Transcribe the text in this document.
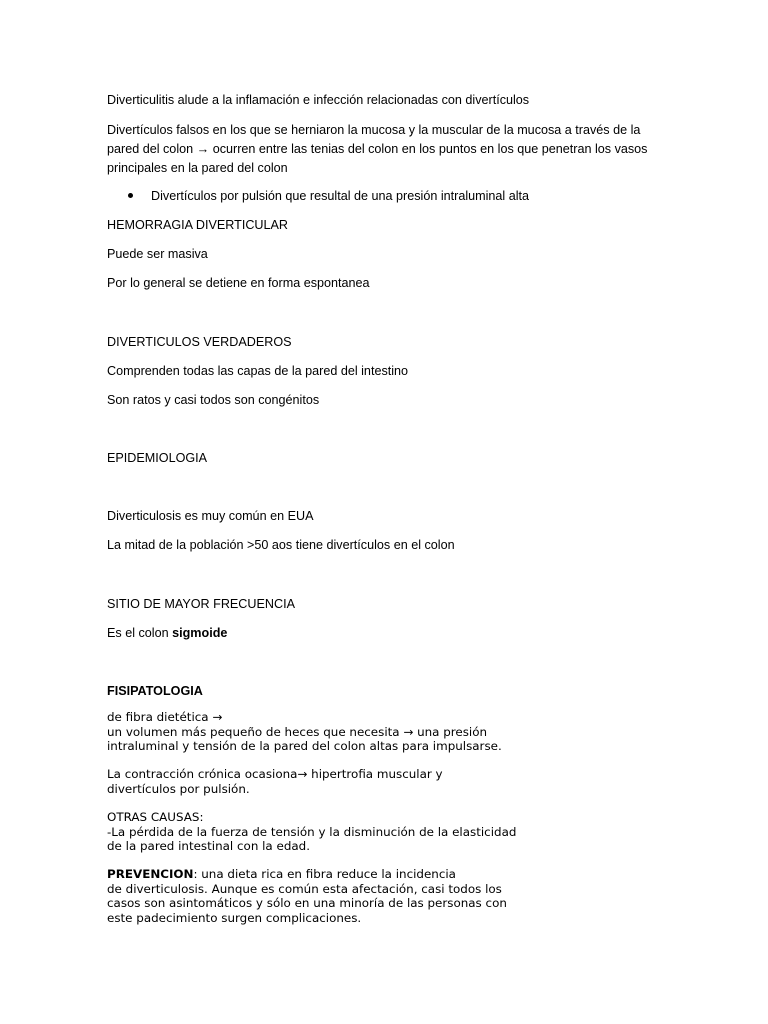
Diverticulitis alude a la inflamación e infección relacionadas con divertículos
Divertículos falsos en los que se herniaron la mucosa y la muscular de la mucosa a través de la
pared del colon → ocurren entre las tenias del colon en los puntos en los que penetran los vasos
principales en la pared del colon
Divertículos por pulsión que resultal de una presión intraluminal alta
HEMORRAGIA DIVERTICULAR
Puede ser masiva
Por lo general se detiene en forma espontanea
DIVERTICULOS VERDADEROS
Comprenden todas las capas de la pared del intestino
Son ratos y casi todos son congénitos
EPIDEMIOLOGIA
Diverticulosis es muy común en EUA
La mitad de la población >50 aos tiene divertículos en el colon
SITIO DE MAYOR FRECUENCIA
Es el colon sigmoide
FISIPATOLOGIA
de fibra dietética →
un volumen más pequeño de heces que necesita → una presión
intraluminal y tensión de la pared del colon altas para impulsarse.
La contracción crónica ocasiona→ hipertrofia muscular y
divertículos por pulsión.
OTRAS CAUSAS:
-La pérdida de la fuerza de tensión y la disminución de la elasticidad
de la pared intestinal con la edad.
PREVENCION: una dieta rica en fibra reduce la incidencia
de diverticulosis. Aunque es común esta afectación, casi todos los
casos son asintomáticos y sólo en una minoría de las personas con
este padecimiento surgen complicaciones.
